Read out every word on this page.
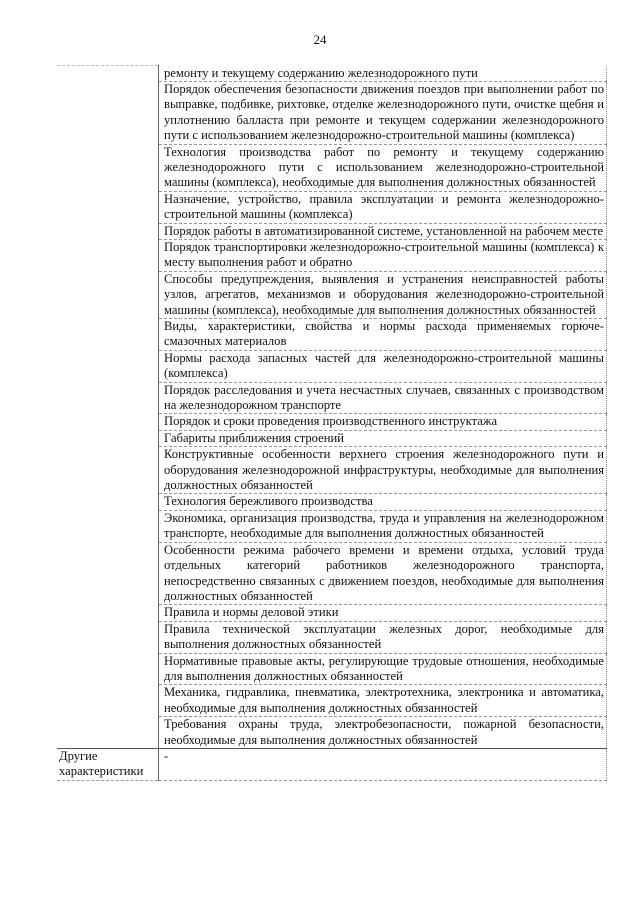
24
	ремонту и текущему содержанию железнодорожного пути
	Порядок обеспечения безопасности движения поездов при выполнении работ по выправке, подбивке, рихтовке, отделке железнодорожного пути, очистке щебня и уплотнению балласта при ремонте и текущем содержании железнодорожного пути с использованием железнодорожно-строительной машины (комплекса)
	Технология производства работ по ремонту и текущему содержанию железнодорожного пути с использованием железнодорожно-строительной машины (комплекса), необходимые для выполнения должностных обязанностей
	Назначение, устройство, правила эксплуатации и ремонта железнодорожно-строительной машины (комплекса)
	Порядок работы в автоматизированной системе, установленной на рабочем месте
	Порядок транспортировки железнодорожно-строительной машины (комплекса) к месту выполнения работ и обратно
	Способы предупреждения, выявления и устранения неисправностей работы узлов, агрегатов, механизмов и оборудования железнодорожно-строительной машины (комплекса), необходимые для выполнения должностных обязанностей
	Виды, характеристики, свойства и нормы расхода применяемых горюче-смазочных материалов
	Нормы расхода запасных частей для железнодорожно-строительной машины (комплекса)
	Порядок расследования и учета несчастных случаев, связанных с производством на железнодорожном транспорте
	Порядок и сроки проведения производственного инструктажа
	Габариты приближения строений
	Конструктивные особенности верхнего строения железнодорожного пути и оборудования железнодорожной инфраструктуры, необходимые для выполнения должностных обязанностей
	Технология бережливого производства
	Экономика, организация производства, труда и управления на железнодорожном транспорте, необходимые для выполнения должностных обязанностей
	Особенности режима рабочего времени и времени отдыха, условий труда отдельных категорий работников железнодорожного транспорта, непосредственно связанных с движением поездов, необходимые для выполнения должностных обязанностей
	Правила и нормы деловой этики
	Правила технической эксплуатации железных дорог, необходимые для выполнения должностных обязанностей
	Нормативные правовые акты, регулирующие трудовые отношения, необходимые для выполнения должностных обязанностей
	Механика, гидравлика, пневматика, электротехника, электроника и автоматика, необходимые для выполнения должностных обязанностей
	Требования охраны труда, электробезопасности, пожарной безопасности, необходимые для выполнения должностных обязанностей
Другие характеристики	-
